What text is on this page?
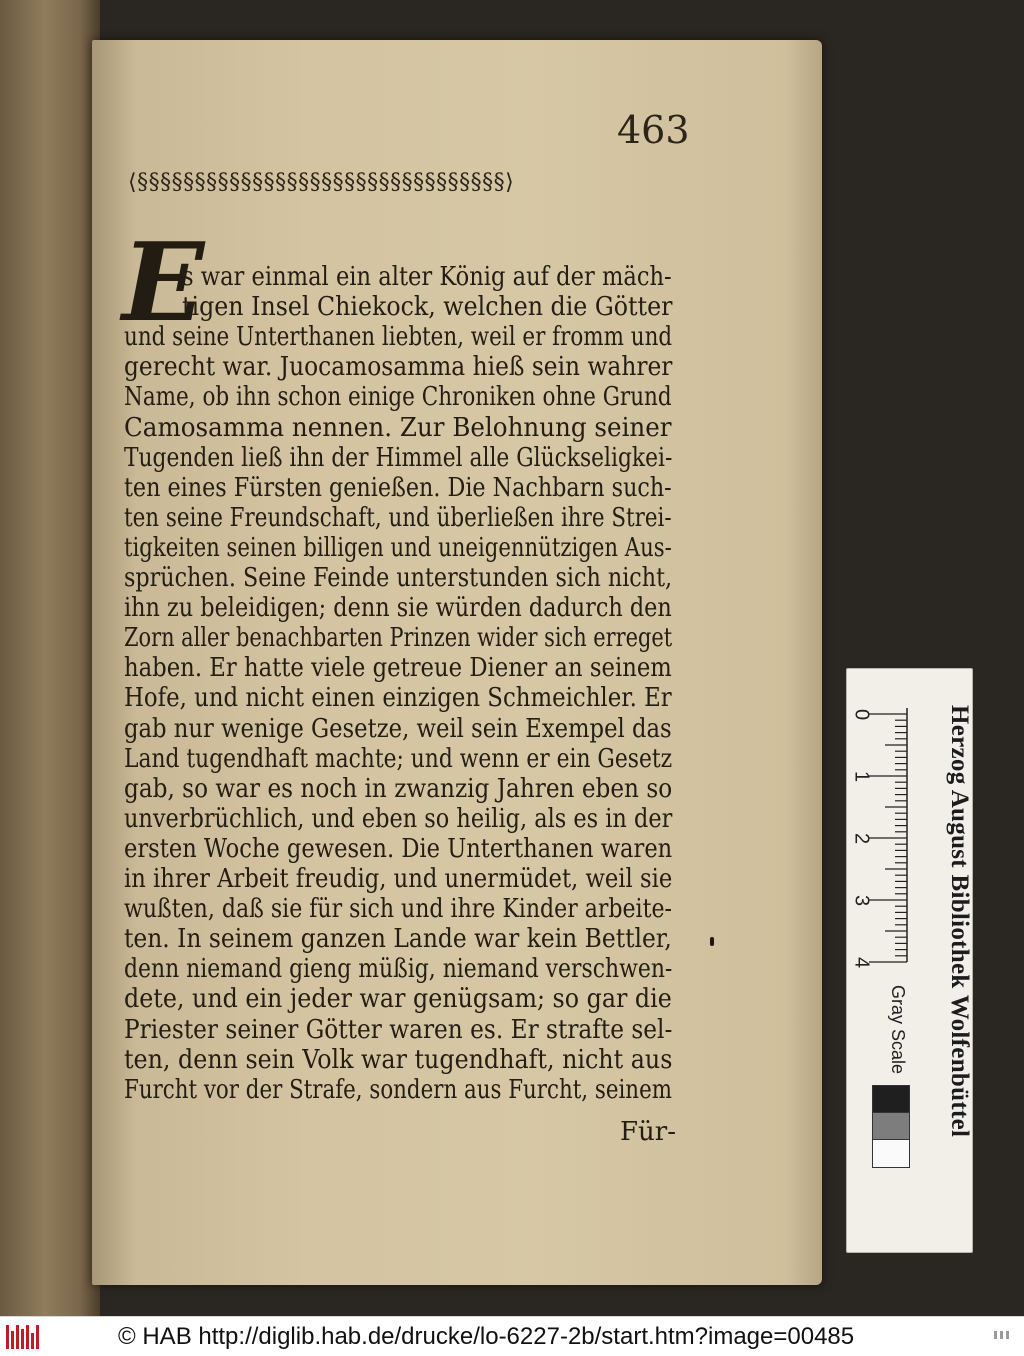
463
⟨§§§§§§§§§§§§§§§§§§§§§§§§§§§§§§§§⟩
E
s war einmal ein alter König auf der mäch-
tigen Insel Chiekock, welchen die Götter
und seine Unterthanen liebten, weil er fromm und
gerecht war. Juocamosamma hieß sein wahrer
Name, ob ihn schon einige Chroniken ohne Grund
Camosamma nennen. Zur Belohnung seiner
Tugenden ließ ihn der Himmel alle Glückseligkei-
ten eines Fürsten genießen. Die Nachbarn such-
ten seine Freundschaft, und überließen ihre Strei-
tigkeiten seinen billigen und uneigennützigen Aus-
sprüchen. Seine Feinde unterstunden sich nicht,
ihn zu beleidigen; denn sie würden dadurch den
Zorn aller benachbarten Prinzen wider sich erreget
haben. Er hatte viele getreue Diener an seinem
Hofe, und nicht einen einzigen Schmeichler. Er
gab nur wenige Gesetze, weil sein Exempel das
Land tugendhaft machte; und wenn er ein Gesetz
gab, so war es noch in zwanzig Jahren eben so
unverbrüchlich, und eben so heilig, als es in der
ersten Woche gewesen. Die Unterthanen waren
in ihrer Arbeit freudig, und unermüdet, weil sie
wußten, daß sie für sich und ihre Kinder arbeite-
ten. In seinem ganzen Lande war kein Bettler,
denn niemand gieng müßig, niemand verschwen-
dete, und ein jeder war genügsam; so gar die
Priester seiner Götter waren es. Er strafte sel-
ten, denn sein Volk war tugendhaft, nicht aus
Furcht vor der Strafe, sondern aus Furcht, seinem
Für-
0
1
2
3
4	Herzog August Bibliothek Wolfenbüttel
Gray Scale
© HAB http://diglib.hab.de/drucke/lo-6227-2b/start.htm?image=00485
